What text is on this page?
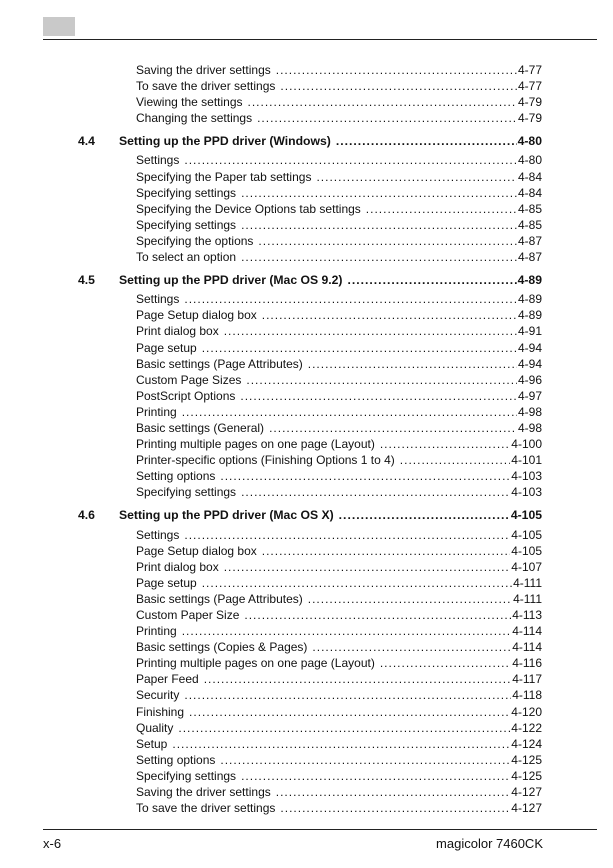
Saving the driver settings .....	4-77
To save the driver settings .....	4-77
Viewing the settings .....	4-79
Changing the settings .....	4-79
4.4	Setting up the PPD driver (Windows) .....	4-80
Settings .....	4-80
Specifying the Paper tab settings .....	4-84
Specifying settings .....	4-84
Specifying the Device Options tab settings .....	4-85
Specifying settings .....	4-85
Specifying the options .....	4-87
To select an option .....	4-87
4.5	Setting up the PPD driver (Mac OS 9.2) .....	4-89
Settings .....	4-89
Page Setup dialog box .....	4-89
Print dialog box .....	4-91
Page setup .....	4-94
Basic settings (Page Attributes) .....	4-94
Custom Page Sizes .....	4-96
PostScript Options .....	4-97
Printing .....	4-98
Basic settings (General) .....	4-98
Printing multiple pages on one page (Layout) .....	4-100
Printer-specific options (Finishing Options 1 to 4) .....	4-101
Setting options .....	4-103
Specifying settings .....	4-103
4.6	Setting up the PPD driver (Mac OS X) .....	4-105
Settings .....	4-105
Page Setup dialog box .....	4-105
Print dialog box .....	4-107
Page setup .....	4-111
Basic settings (Page Attributes) .....	4-111
Custom Paper Size .....	4-113
Printing .....	4-114
Basic settings (Copies & Pages) .....	4-114
Printing multiple pages on one page (Layout) .....	4-116
Paper Feed .....	4-117
Security .....	4-118
Finishing .....	4-120
Quality .....	4-122
Setup .....	4-124
Setting options .....	4-125
Specifying settings .....	4-125
Saving the driver settings .....	4-127
To save the driver settings .....	4-127
x-6	magicolor 7460CK
